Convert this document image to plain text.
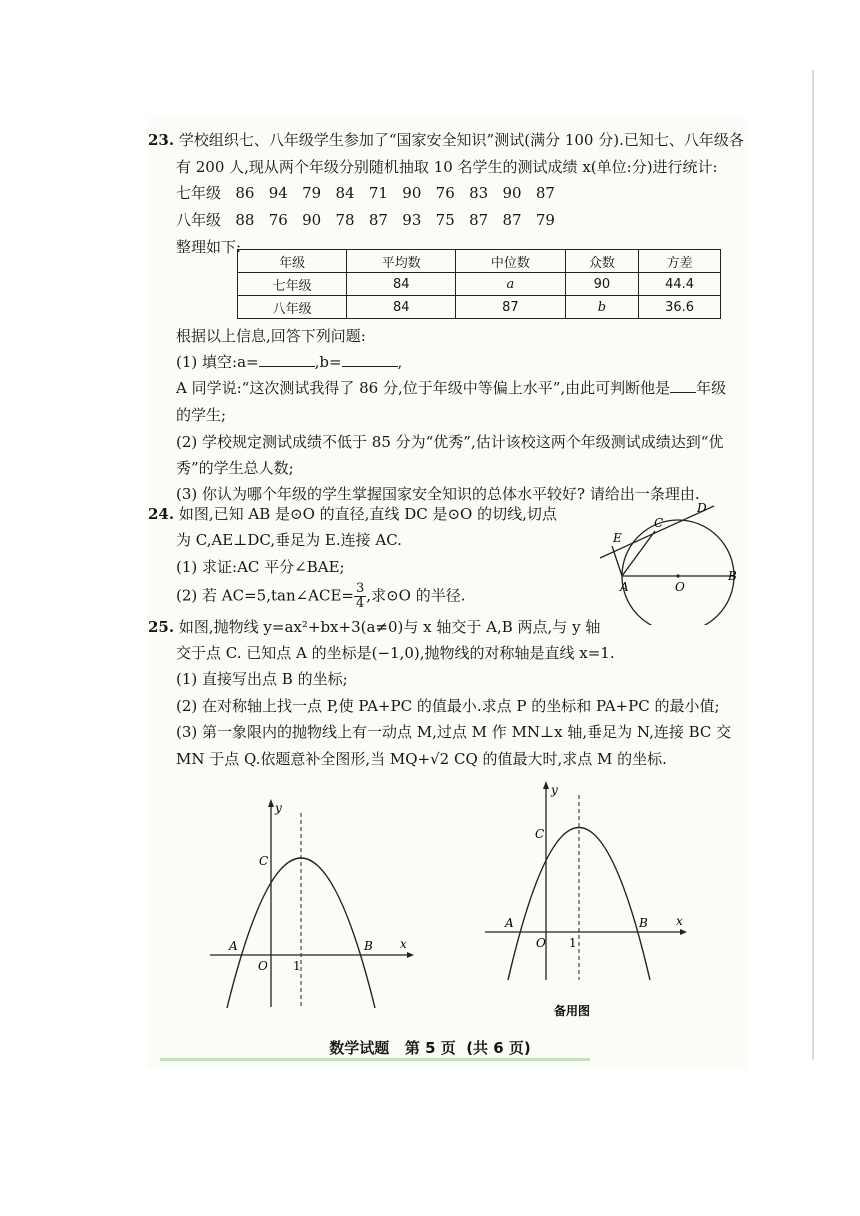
23. 学校组织七、八年级学生参加了“国家安全知识”测试(满分 100 分).已知七、八年级各
有 200 人,现从两个年级分别随机抽取 10 名学生的测试成绩 x(单位:分)进行统计:
七年级 86   94   79   84   71   90   76   83   90   87
八年级 88   76   90   78   87   93   75   87   87   79
整理如下:
年级	平均数	中位数	众数	方差
七年级	84	a	90	44.4
八年级	84	87	b	36.6
根据以上信息,回答下列问题:
(1) 填空:a=	,b=	,
A 同学说:“这次测试我得了 86 分,位于年级中等偏上水平”,由此可判断他是 年级
的学生;
(2) 学校规定测试成绩不低于 85 分为“优秀”,估计该校这两个年级测试成绩达到“优
秀”的学生总人数;
(3) 你认为哪个年级的学生掌握国家安全知识的总体水平较好? 请给出一条理由.
24. 如图,已知 AB 是⊙O 的直径,直线 DC 是⊙O 的切线,切点
为 C,AE⊥DC,垂足为 E.连接 AC.
(1) 求证:AC 平分∠BAE;
(2) 若 AC=5,tan∠ACE= $\frac{3}{4}$ ,求⊙O 的半径.
D
C
E
A	O
B
25. 如图,抛物线 y=ax²+bx+3(a≠0)与 x 轴交于 A,B 两点,与 y 轴
交于点 C. 已知点 A 的坐标是(−1,0),抛物线的对称轴是直线 x=1.
(1) 直接写出点 B 的坐标;
(2) 在对称轴上找一点 P,使 PA+PC 的值最小.求点 P 的坐标和 PA+PC 的最小值;
(3) 第一象限内的抛物线上有一动点 M,过点 M 作 MN⊥x 轴,垂足为 N,连接 BC 交
MN 于点 Q.依题意补全图形,当 MQ+√2 CQ 的值最大时,求点 M 的坐标.
y
x
C
A	B
O 1
y
x
C
A	B
O 1
备用图
数学试题   第 5 页  (共 6 页)
